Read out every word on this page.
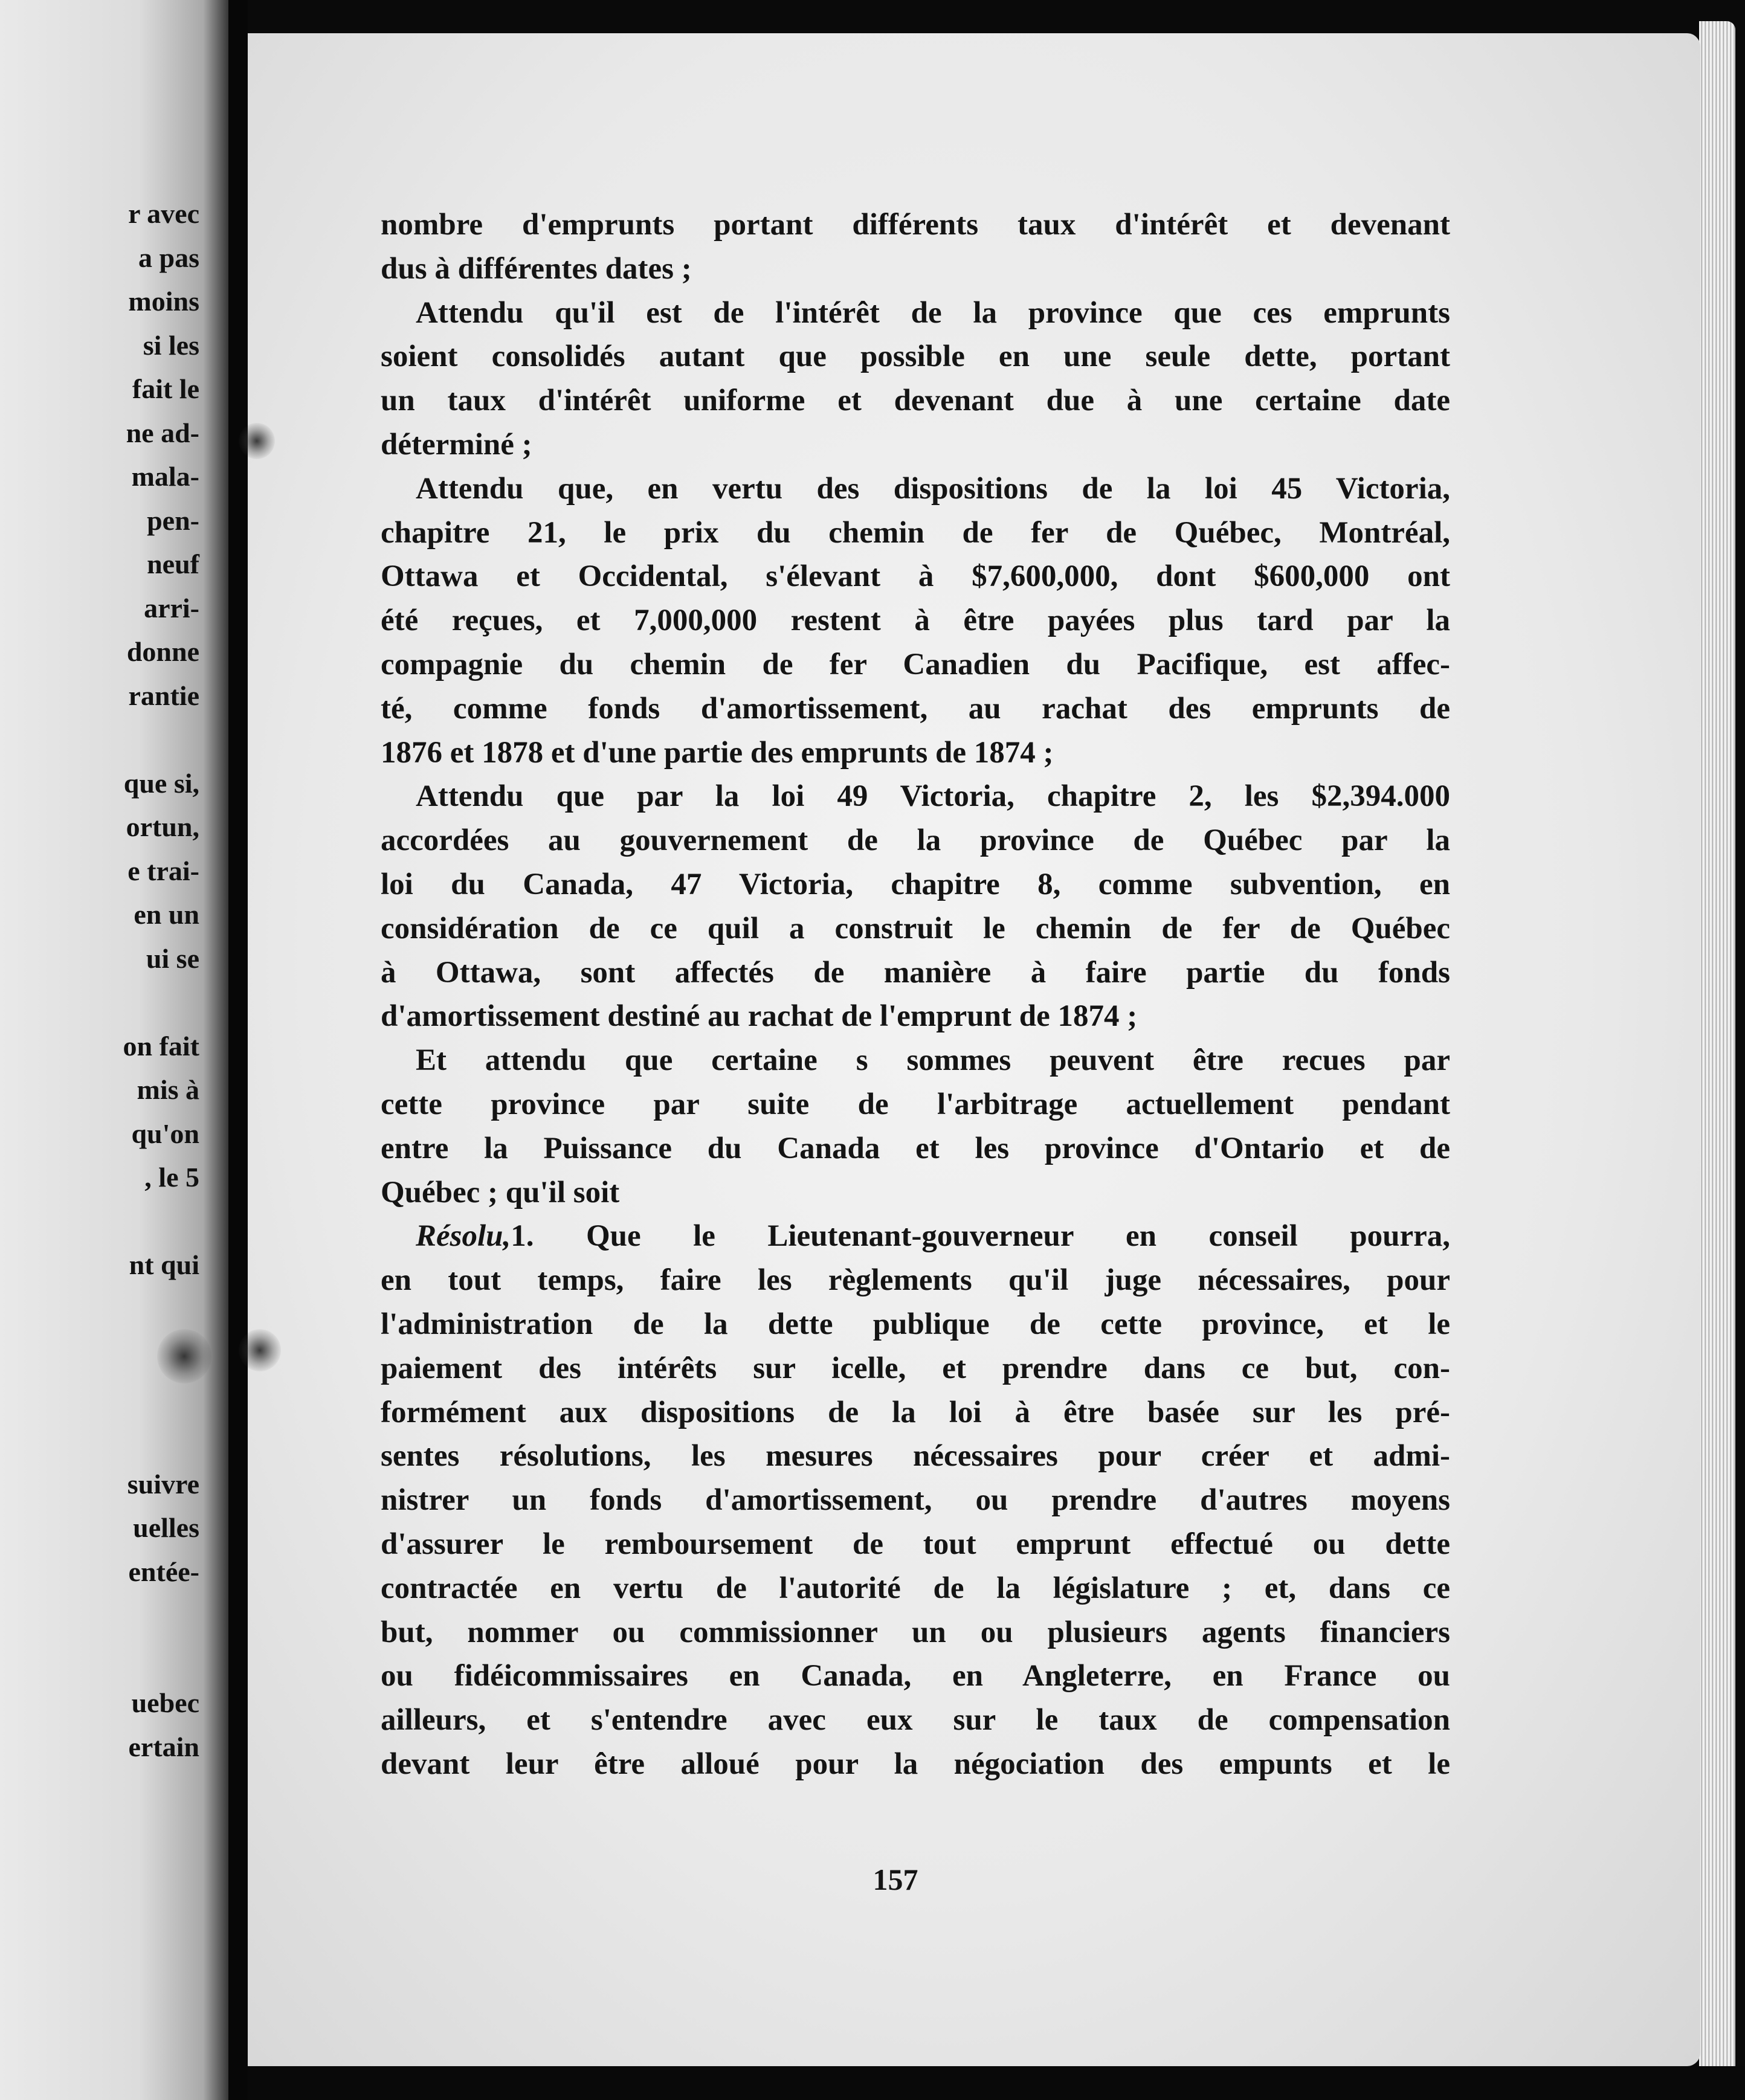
r avec
a pas
moins
si les
fait le
ne ad-
mala-
pen-
neuf
arri-
donne
rantie
que si,
ortun,
e trai-
en un
ui se
on fait
mis à
qu'on
, le 5
nt qui
suivre
uelles
entée-
uebec
ertain
nombre d'emprunts portant différents taux d'intérêt et devenant
dus à différentes dates ;
Attendu qu'il est de l'intérêt de la province que ces emprunts
soient consolidés autant que possible en une seule dette, portant
un taux d'intérêt uniforme et devenant due à une certaine date
déterminé ;
Attendu que, en vertu des dispositions de la loi 45 Victoria,
chapitre 21, le prix du chemin de fer de Québec, Montréal,
Ottawa et Occidental, s'élevant à $7,600,000, dont $600,000 ont
été reçues, et 7,000,000 restent à être payées plus tard par la
compagnie du chemin de fer Canadien du Pacifique, est affec-
té, comme fonds d'amortissement, au rachat des emprunts de
1876 et 1878 et d'une partie des emprunts de 1874 ;
Attendu que par la loi 49 Victoria, chapitre 2, les $2,394.000
accordées au gouvernement de la province de Québec par la
loi du Canada, 47 Victoria, chapitre 8, comme subvention, en
considération de ce quil a construit le chemin de fer de Québec
à Ottawa, sont affectés de manière à faire partie du fonds
d'amortissement destiné au rachat de l'emprunt de 1874 ;
Et attendu que certaine s sommes peuvent être recues par
cette province par suite de l'arbitrage actuellement pendant
entre la Puissance du Canada et les province d'Ontario et de
Québec ; qu'il soit
Résolu,1. Que le Lieutenant-gouverneur en conseil pourra,
en tout temps, faire les règlements qu'il juge nécessaires, pour
l'administration de la dette publique de cette province, et le
paiement des intérêts sur icelle, et prendre dans ce but, con-
formément aux dispositions de la loi à être basée sur les pré-
sentes résolutions, les mesures nécessaires pour créer et admi-
nistrer un fonds d'amortissement, ou prendre d'autres moyens
d'assurer le remboursement de tout emprunt effectué ou dette
contractée en vertu de l'autorité de la législature ; et, dans ce
but, nommer ou commissionner un ou plusieurs agents financiers
ou fidéicommissaires en Canada, en Angleterre, en France ou
ailleurs, et s'entendre avec eux sur le taux de compensation
devant leur être alloué pour la négociation des empunts et le
157
